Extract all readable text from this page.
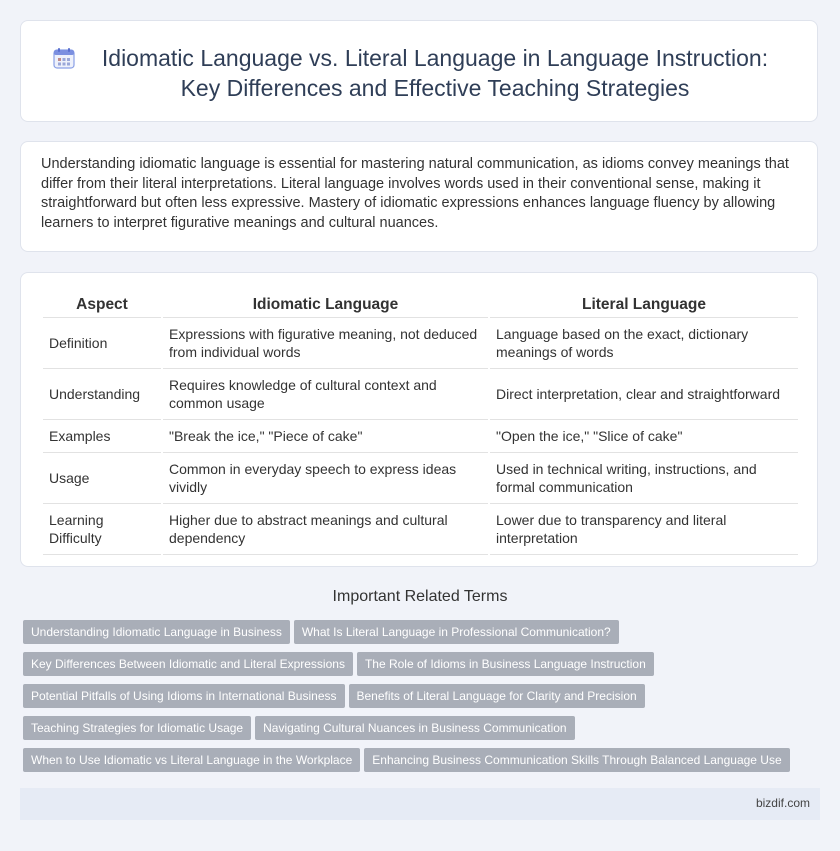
Idiomatic Language vs. Literal Language in Language Instruction: Key Differences and Effective Teaching Strategies

Understanding idiomatic language is essential for mastering natural communication, as idioms convey meanings that differ from their literal interpretations. Literal language involves words used in their conventional sense, making it straightforward but often less expressive. Mastery of idiomatic expressions enhances language fluency by allowing learners to interpret figurative meanings and cultural nuances.

Aspect	Idiomatic Language	Literal Language
Definition	Expressions with figurative meaning, not deduced from individual words	Language based on the exact, dictionary meanings of words
Understanding	Requires knowledge of cultural context and common usage	Direct interpretation, clear and straightforward
Examples	"Break the ice," "Piece of cake"	"Open the ice," "Slice of cake"
Usage	Common in everyday speech to express ideas vividly	Used in technical writing, instructions, and formal communication
Learning Difficulty	Higher due to abstract meanings and cultural dependency	Lower due to transparency and literal interpretation
Important Related Terms
Understanding Idiomatic Language in Business What Is Literal Language in Professional Communication?
Key Differences Between Idiomatic and Literal Expressions The Role of Idioms in Business Language Instruction
Potential Pitfalls of Using Idioms in International Business Benefits of Literal Language for Clarity and Precision
Teaching Strategies for Idiomatic Usage Navigating Cultural Nuances in Business Communication
When to Use Idiomatic vs Literal Language in the Workplace Enhancing Business Communication Skills Through Balanced Language Use
bizdif.com
